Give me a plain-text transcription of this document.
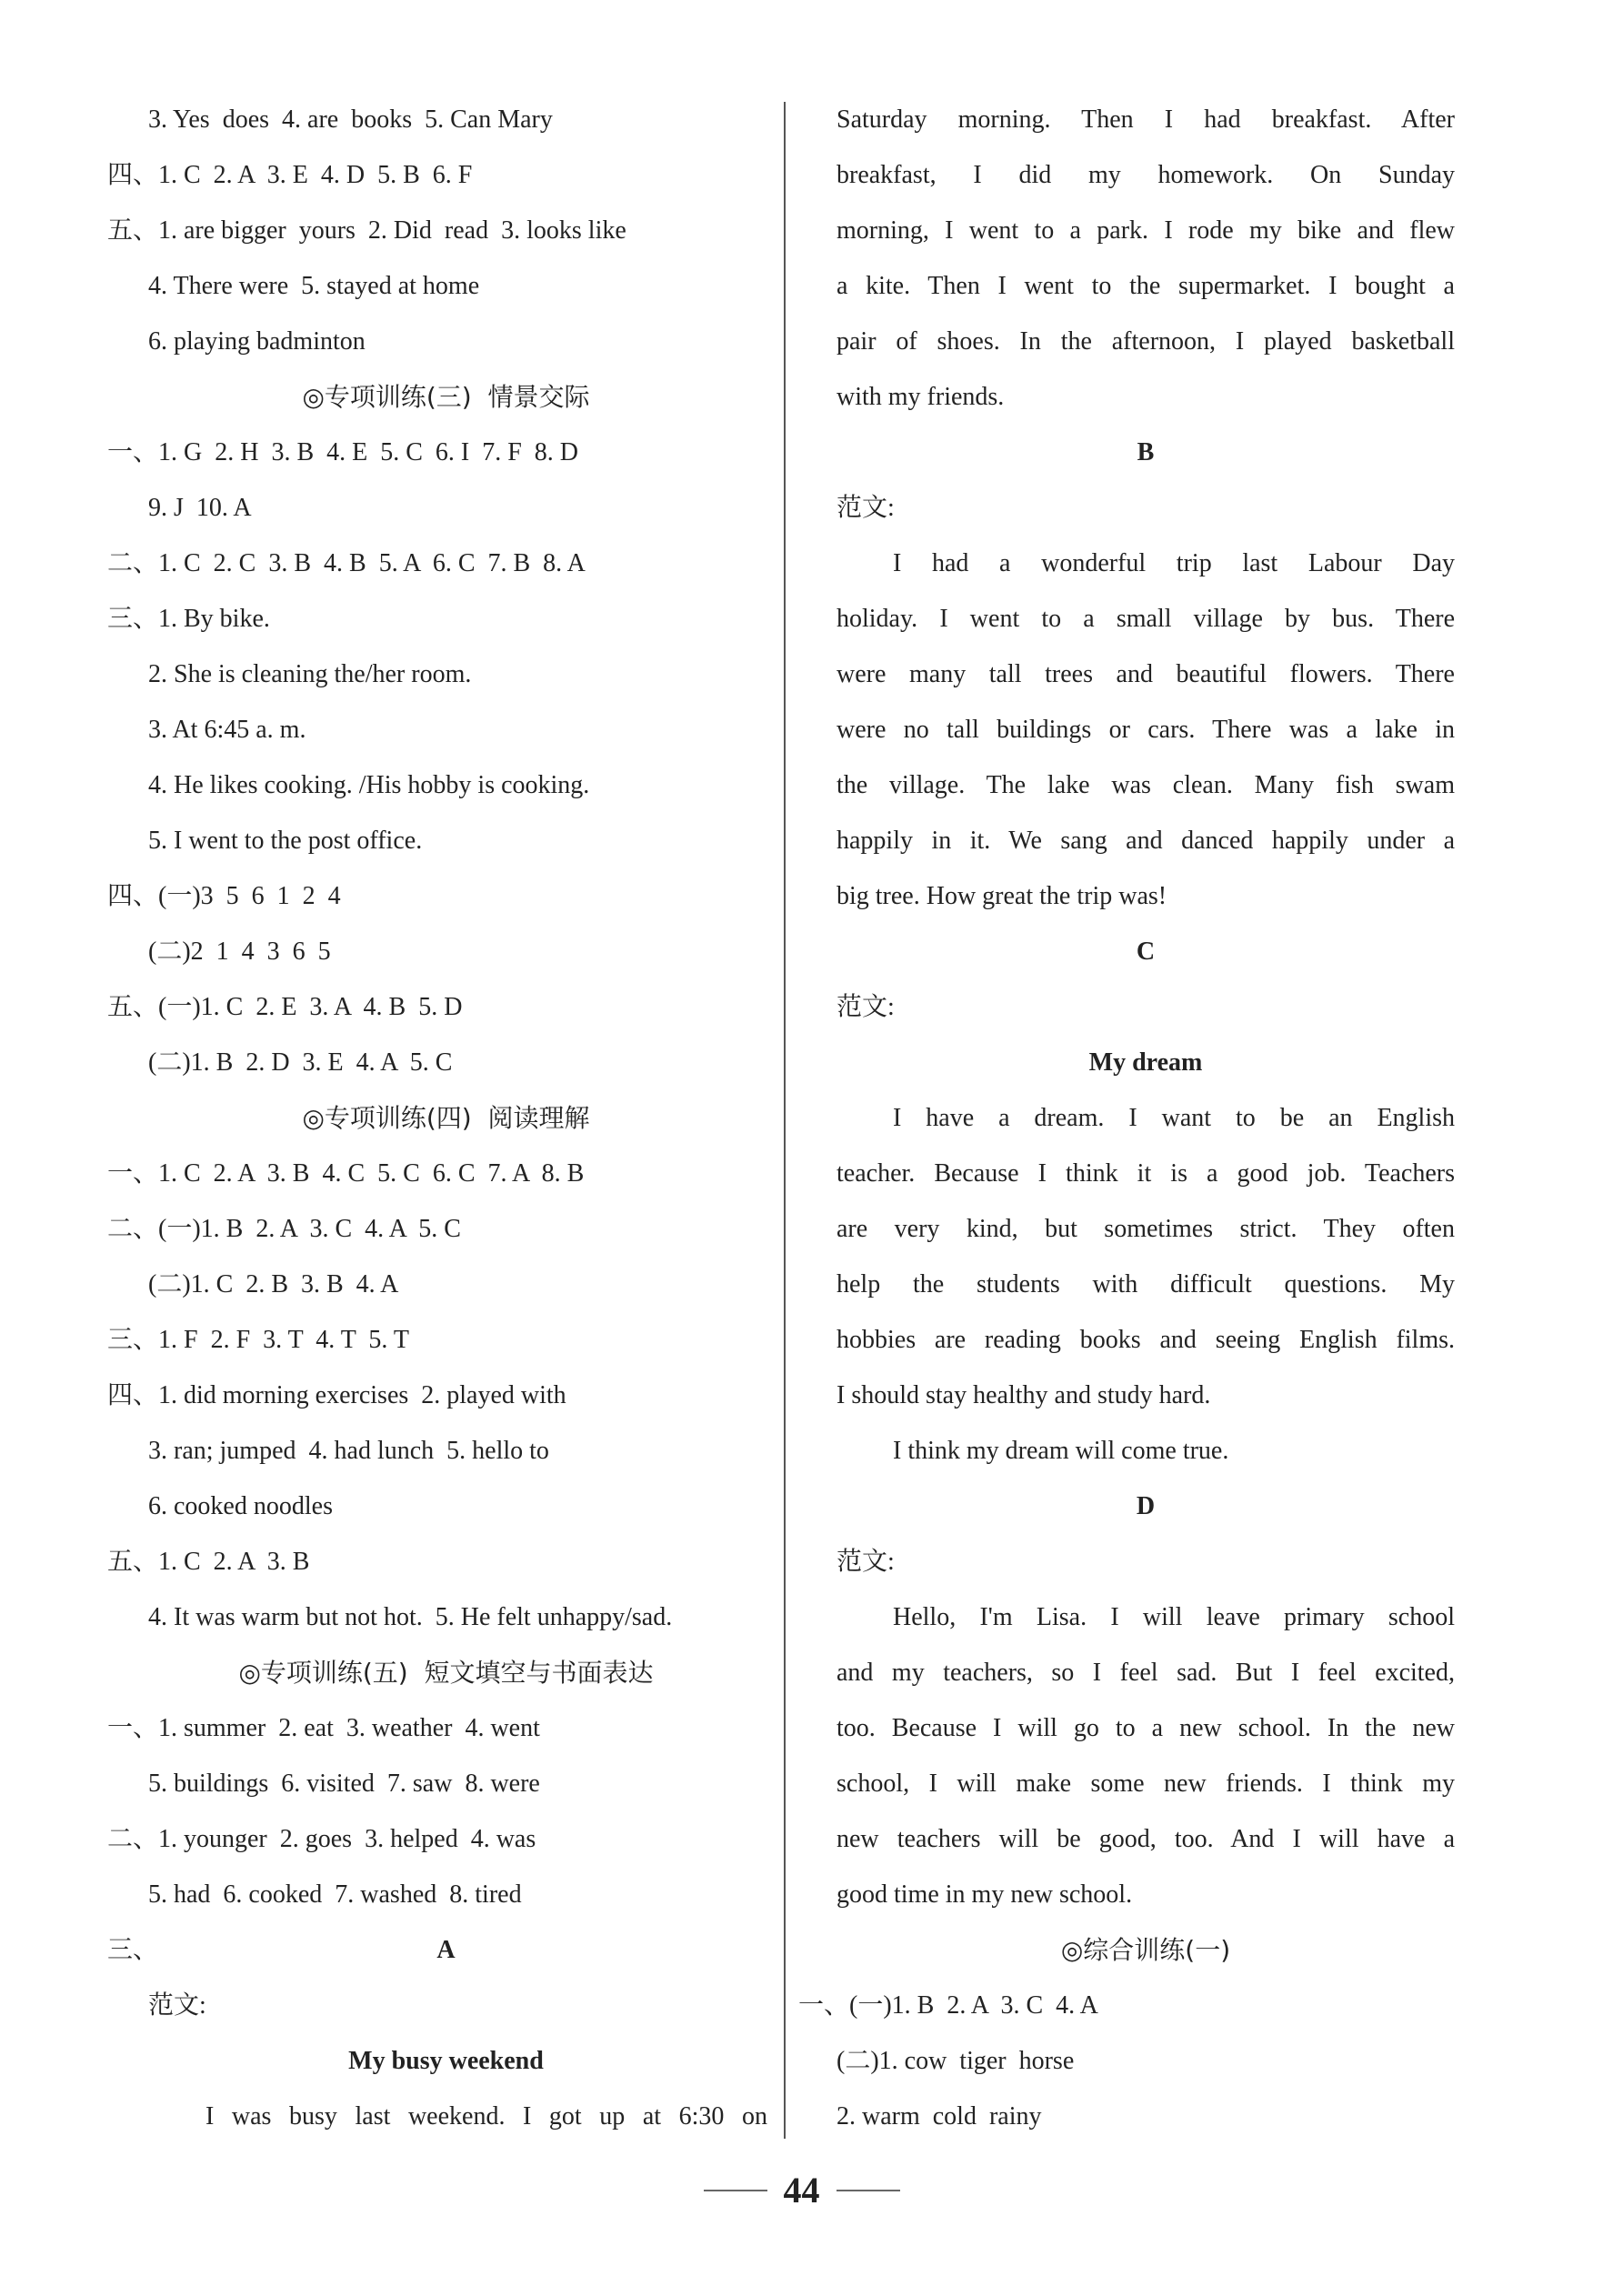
3. Yes  does  4. are  books  5. Can Mary
四、1. C  2. A  3. E  4. D  5. B  6. F
五、1. are bigger  yours  2. Did  read  3. looks like
4. There were  5. stayed at home
6. playing badminton
◎专项训练(三)  情景交际
一、1. G  2. H  3. B  4. E  5. C  6. I  7. F  8. D
9. J  10. A
二、1. C  2. C  3. B  4. B  5. A  6. C  7. B  8. A
三、1. By bike.
2. She is cleaning the/her room.
3. At 6:45 a. m.
4. He likes cooking. /His hobby is cooking.
5. I went to the post office.
四、(一)3  5  6  1  2  4
(二)2  1  4  3  6  5
五、(一)1. C  2. E  3. A  4. B  5. D
(二)1. B  2. D  3. E  4. A  5. C
◎专项训练(四)  阅读理解
一、1. C  2. A  3. B  4. C  5. C  6. C  7. A  8. B
二、(一)1. B  2. A  3. C  4. A  5. C
(二)1. C  2. B  3. B  4. A
三、1. F  2. F  3. T  4. T  5. T
四、1. did morning exercises  2. played with
3. ran; jumped  4. had lunch  5. hello to
6. cooked noodles
五、1. C  2. A  3. B
4. It was warm but not hot.  5. He felt unhappy/sad.
◎专项训练(五)  短文填空与书面表达
一、1. summer  2. eat  3. weather  4. went
5. buildings  6. visited  7. saw  8. were
二、1. younger  2. goes  3. helped  4. was
5. had  6. cooked  7. washed  8. tired
三、	A
范文:
My busy weekend
I was busy last weekend. I got up at 6:30 on
Saturday morning. Then I had breakfast. After
breakfast, I did my homework. On Sunday
morning, I went to a park. I rode my bike and flew
a kite. Then I went to the supermarket. I bought a
pair of shoes. In the afternoon, I played basketball
with my friends.
B
范文:
I had a wonderful trip last Labour Day
holiday. I went to a small village by bus. There
were many tall trees and beautiful flowers. There
were no tall buildings or cars. There was a lake in
the village. The lake was clean. Many fish swam
happily in it. We sang and danced happily under a
big tree. How great the trip was!
C
范文:
My dream
I have a dream. I want to be an English
teacher. Because I think it is a good job. Teachers
are very kind, but sometimes strict. They often
help the students with difficult questions. My
hobbies are reading books and seeing English films.
I should stay healthy and study hard.
I think my dream will come true.
D
范文:
Hello, I'm Lisa. I will leave primary school
and my teachers, so I feel sad. But I feel excited,
too. Because I will go to a new school. In the new
school, I will make some new friends. I think my
new teachers will be good, too. And I will have a
good time in my new school.
◎综合训练(一)
一、(一)1. B  2. A  3. C  4. A
(二)1. cow  tiger  horse
2. warm  cold  rainy
44
